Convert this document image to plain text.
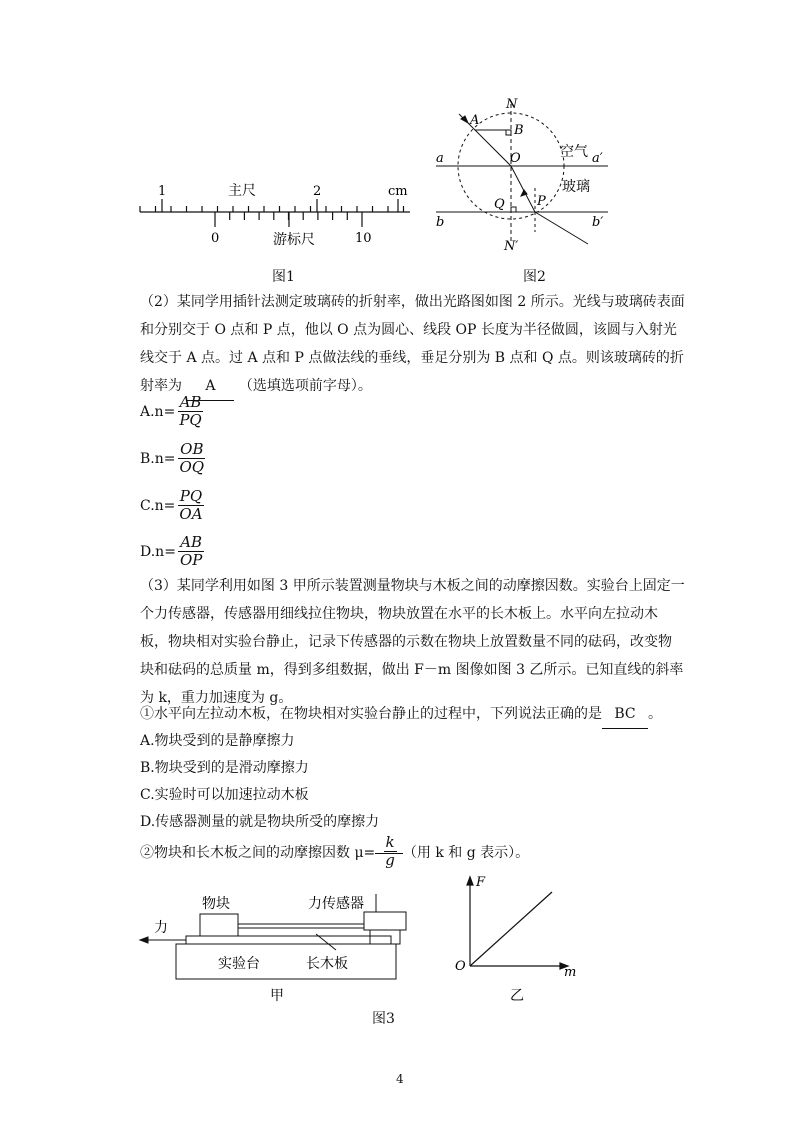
1	主尺	2	cm
0	游标尺	10
图1
N
A
B
O	空气
a	a′
玻璃
Q P
b	b′
N′
图2
（2）某同学用插针法测定玻璃砖的折射率，做出光路图如图 2 所示。光线与玻璃砖表面和分别交于 O 点和 P 点，他以 O 点为圆心、线段 OP 长度为半径做圆，该圆与入射光线交于 A 点。过 A 点和 P 点做法线的垂线，垂足分别为 B 点和 Q 点。则该玻璃砖的折射率为 A （选填选项前字母）。
$A.n= \frac{AB}{PQ}$
$B.n= \frac{OB}{OQ}$
$C.n= \frac{PQ}{OA}$
$D.n= \frac{AB}{OP}$
（3）某同学利用如图 3 甲所示装置测量物块与木板之间的动摩擦因数。实验台上固定一个力传感器，传感器用细线拉住物块，物块放置在水平的长木板上。水平向左拉动木板，物块相对实验台静止，记录下传感器的示数在物块上放置数量不同的砝码，改变物块和砝码的总质量 m，得到多组数据，做出 F－m 图像如图 3 乙所示。已知直线的斜率为 k，重力加速度为 g。
①水平向左拉动木板，在物块相对实验台静止的过程中，下列说法正确的是 BC 。
A.物块受到的是静摩擦力
B.物块受到的是滑动摩擦力
C.实验时可以加速拉动木板
D.传感器测量的就是物块所受的摩擦力
②物块和长木板之间的动摩擦因数 $\mu= \frac{k}{g}$ （用 k 和 g 表示）。
力
物块	力传感器
实验台	长木板
甲
F
O	m
乙
图3
4
